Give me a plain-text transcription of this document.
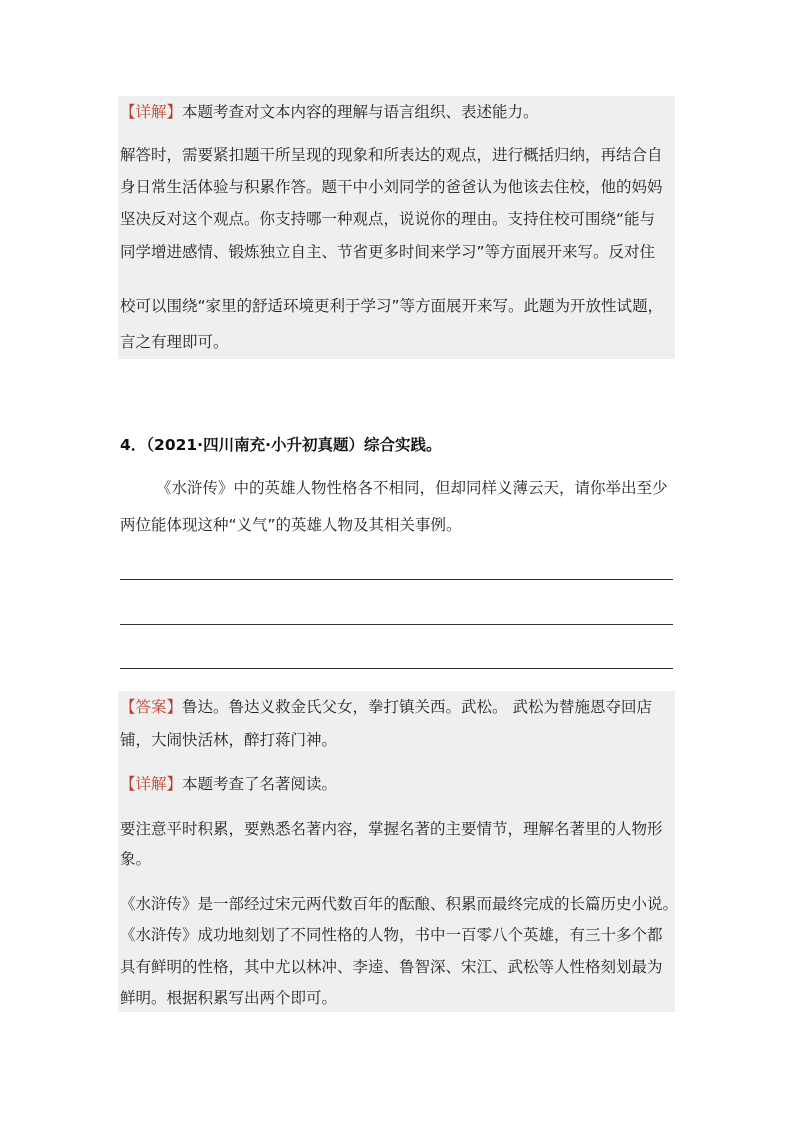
【详解】本题考查对文本内容的理解与语言组织、表述能力。
解答时，需要紧扣题干所呈现的现象和所表达的观点，进行概括归纳，再结合自
身日常生活体验与积累作答。题干中小刘同学的爸爸认为他该去住校，他的妈妈
坚决反对这个观点。你支持哪一种观点，说说你的理由。支持住校可围绕“能与
同学增进感情、锻炼独立自主、节省更多时间来学习”等方面展开来写。反对住
校可以围绕“家里的舒适环境更利于学习”等方面展开来写。此题为开放性试题，
言之有理即可。
4．（2021·四川南充·小升初真题）综合实践。
《水浒传》中的英雄人物性格各不相同，但却同样义薄云天，请你举出至少
两位能体现这种“义气”的英雄人物及其相关事例。
【答案】鲁达。鲁达义救金氏父女，拳打镇关西。武松。 武松为替施恩夺回店
铺，大闹快活林，醉打蒋门神。
【详解】本题考查了名著阅读。
要注意平时积累，要熟悉名著内容，掌握名著的主要情节，理解名著里的人物形
象。
《水浒传》是一部经过宋元两代数百年的酝酿、积累而最终完成的长篇历史小说。
《水浒传》成功地刻划了不同性格的人物，书中一百零八个英雄，有三十多个都
具有鲜明的性格，其中尤以林冲、李逵、鲁智深、宋江、武松等人性格刻划最为
鲜明。根据积累写出两个即可。
